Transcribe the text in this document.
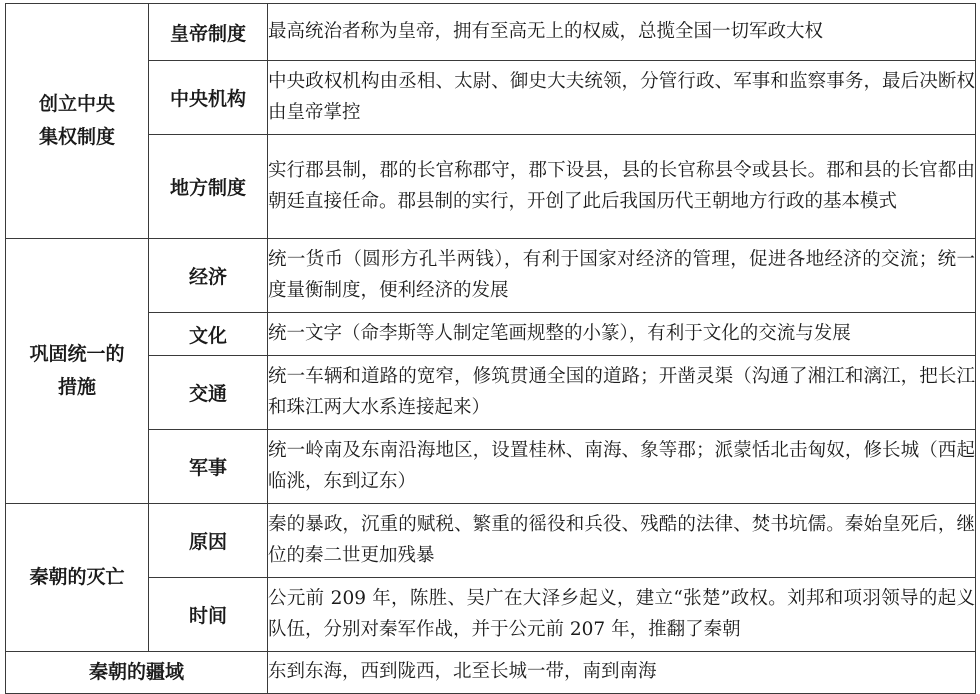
创立中央
集权制度	皇帝制度	最高统治者称为皇帝，拥有至高无上的权威，总揽全国一切军政大权
	中央机构	中央政权机构由丞相、太尉、御史大夫统领，分管行政、军事和监察事务，最后决断权由皇帝掌控
	地方制度	实行郡县制，郡的长官称郡守，郡下设县，县的长官称县令或县长。郡和县的长官都由朝廷直接任命。郡县制的实行，开创了此后我国历代王朝地方行政的基本模式
巩固统一的
措施	经济	统一货币（圆形方孔半两钱），有利于国家对经济的管理，促进各地经济的交流；统一度量衡制度，便利经济的发展
	文化	统一文字（命李斯等人制定笔画规整的小篆），有利于文化的交流与发展
	交通	统一车辆和道路的宽窄，修筑贯通全国的道路；开凿灵渠（沟通了湘江和漓江，把长江和珠江两大水系连接起来）
	军事	统一岭南及东南沿海地区，设置桂林、南海、象等郡；派蒙恬北击匈奴，修长城（西起临洮，东到辽东）
秦朝的灭亡	原因	秦的暴政，沉重的赋税、繁重的徭役和兵役、残酷的法律、焚书坑儒。秦始皇死后，继位的秦二世更加残暴
	时间	公元前 209 年，陈胜、吴广在大泽乡起义，建立“张楚”政权。刘邦和项羽领导的起义队伍，分别对秦军作战，并于公元前 207 年，推翻了秦朝
秦朝的疆域		东到东海，西到陇西，北至长城一带，南到南海
